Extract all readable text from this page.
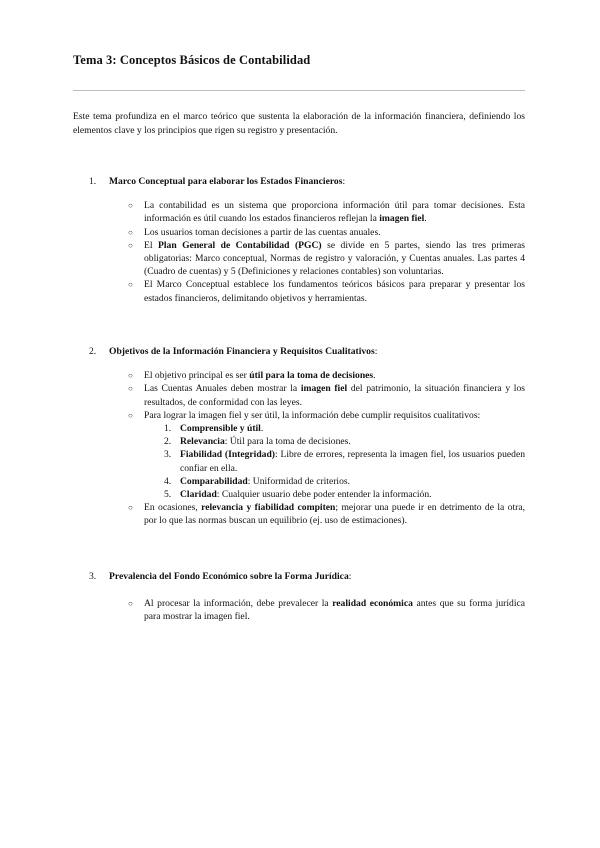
Tema 3: Conceptos Básicos de Contabilidad
Este tema profundiza en el marco teórico que sustenta la elaboración de la información financiera, definiendo los elementos clave y los principios que rigen su registro y presentación.
1. Marco Conceptual para elaborar los Estados Financieros:
○ La contabilidad es un sistema que proporciona información útil para tomar decisiones. Esta información es útil cuando los estados financieros reflejan la imagen fiel.
○ Los usuarios toman decisiones a partir de las cuentas anuales.
○ El Plan General de Contabilidad (PGC) se divide en 5 partes, siendo las tres primeras obligatorias: Marco conceptual, Normas de registro y valoración, y Cuentas anuales. Las partes 4 (Cuadro de cuentas) y 5 (Definiciones y relaciones contables) son voluntarias.
○ El Marco Conceptual establece los fundamentos teóricos básicos para preparar y presentar los estados financieros, delimitando objetivos y herramientas.
2. Objetivos de la Información Financiera y Requisitos Cualitativos:
○ El objetivo principal es ser útil para la toma de decisiones.
○ Las Cuentas Anuales deben mostrar la imagen fiel del patrimonio, la situación financiera y los resultados, de conformidad con las leyes.
○ Para lograr la imagen fiel y ser útil, la información debe cumplir requisitos cualitativos:
1. Comprensible y útil.
2. Relevancia: Útil para la toma de decisiones.
3. Fiabilidad (Integridad): Libre de errores, representa la imagen fiel, los usuarios pueden confiar en ella.
4. Comparabilidad: Uniformidad de criterios.
5. Claridad: Cualquier usuario debe poder entender la información.
○ En ocasiones, relevancia y fiabilidad compiten; mejorar una puede ir en detrimento de la otra, por lo que las normas buscan un equilibrio (ej. uso de estimaciones).
3. Prevalencia del Fondo Económico sobre la Forma Jurídica:
○ Al procesar la información, debe prevalecer la realidad económica antes que su forma jurídica para mostrar la imagen fiel.
